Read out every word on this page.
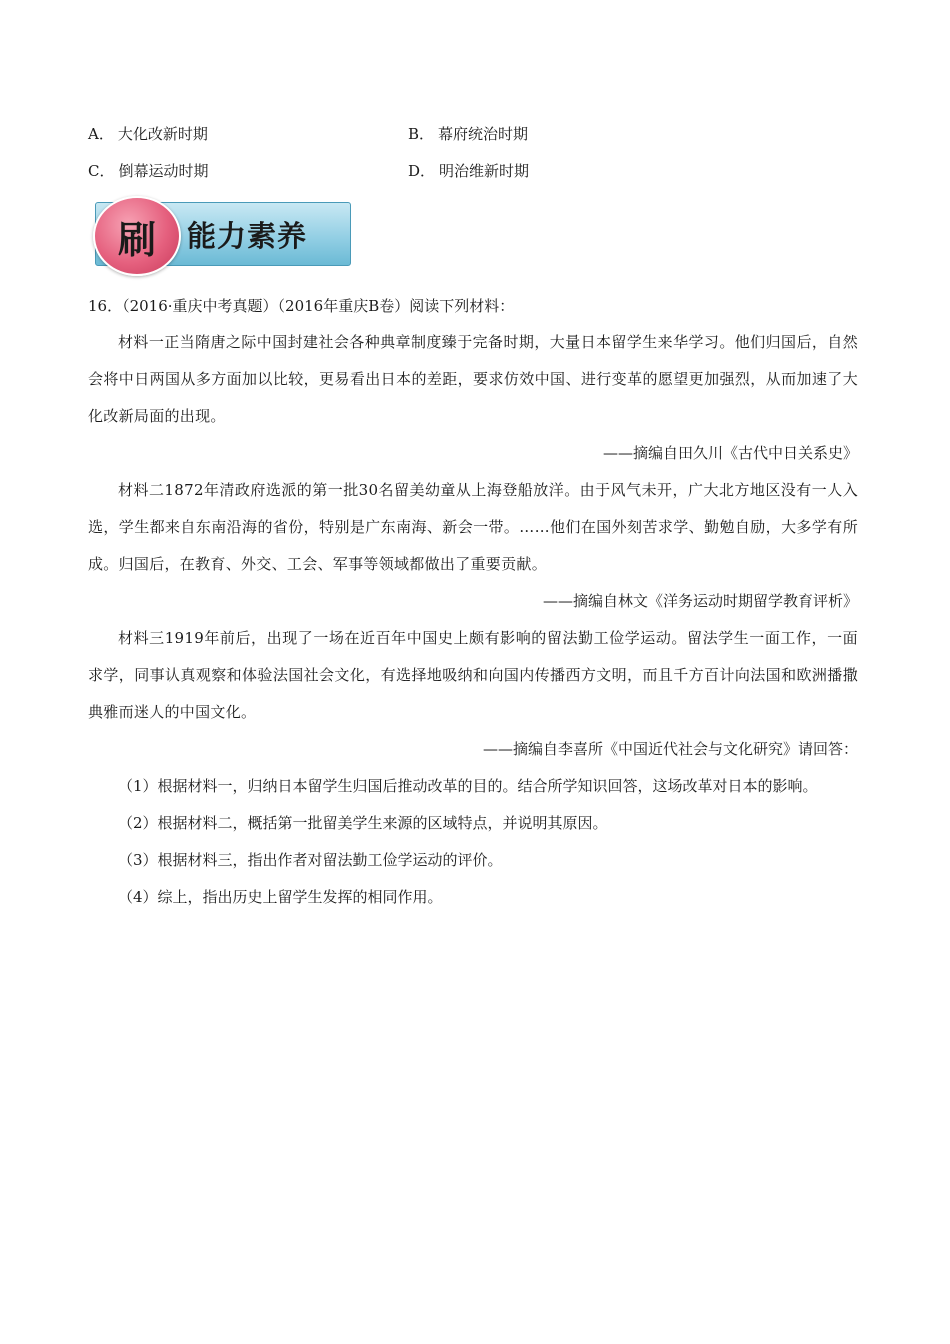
A． 大化改新时期	B． 幕府统治时期
C． 倒幕运动时期	D． 明治维新时期
能力素养
刷
16．（2016·重庆中考真题）（2016年重庆B卷）阅读下列材料：

材料一正当隋唐之际中国封建社会各种典章制度臻于完备时期，大量日本留学生来华学习。他们归国后，自然会将中日两国从多方面加以比较，更易看出日本的差距，要求仿效中国、进行变革的愿望更加强烈，从而加速了大化改新局面的出现。

——摘编自田久川《古代中日关系史》

材料二1872年清政府选派的第一批30名留美幼童从上海登船放洋。由于风气未开，广大北方地区没有一人入选，学生都来自东南沿海的省份，特别是广东南海、新会一带。……他们在国外刻苦求学、勤勉自励，大多学有所成。归国后，在教育、外交、工会、军事等领域都做出了重要贡献。

——摘编自林文《洋务运动时期留学教育评析》

材料三1919年前后，出现了一场在近百年中国史上颇有影响的留法勤工俭学运动。留法学生一面工作，一面求学，同事认真观察和体验法国社会文化，有选择地吸纳和向国内传播西方文明，而且千方百计向法国和欧洲播撒典雅而迷人的中国文化。

——摘编自李喜所《中国近代社会与文化研究》请回答：

（1）根据材料一，归纳日本留学生归国后推动改革的目的。结合所学知识回答，这场改革对日本的影响。

（2）根据材料二，概括第一批留美学生来源的区域特点，并说明其原因。

（3）根据材料三，指出作者对留法勤工俭学运动的评价。

（4）综上，指出历史上留学生发挥的相同作用。
